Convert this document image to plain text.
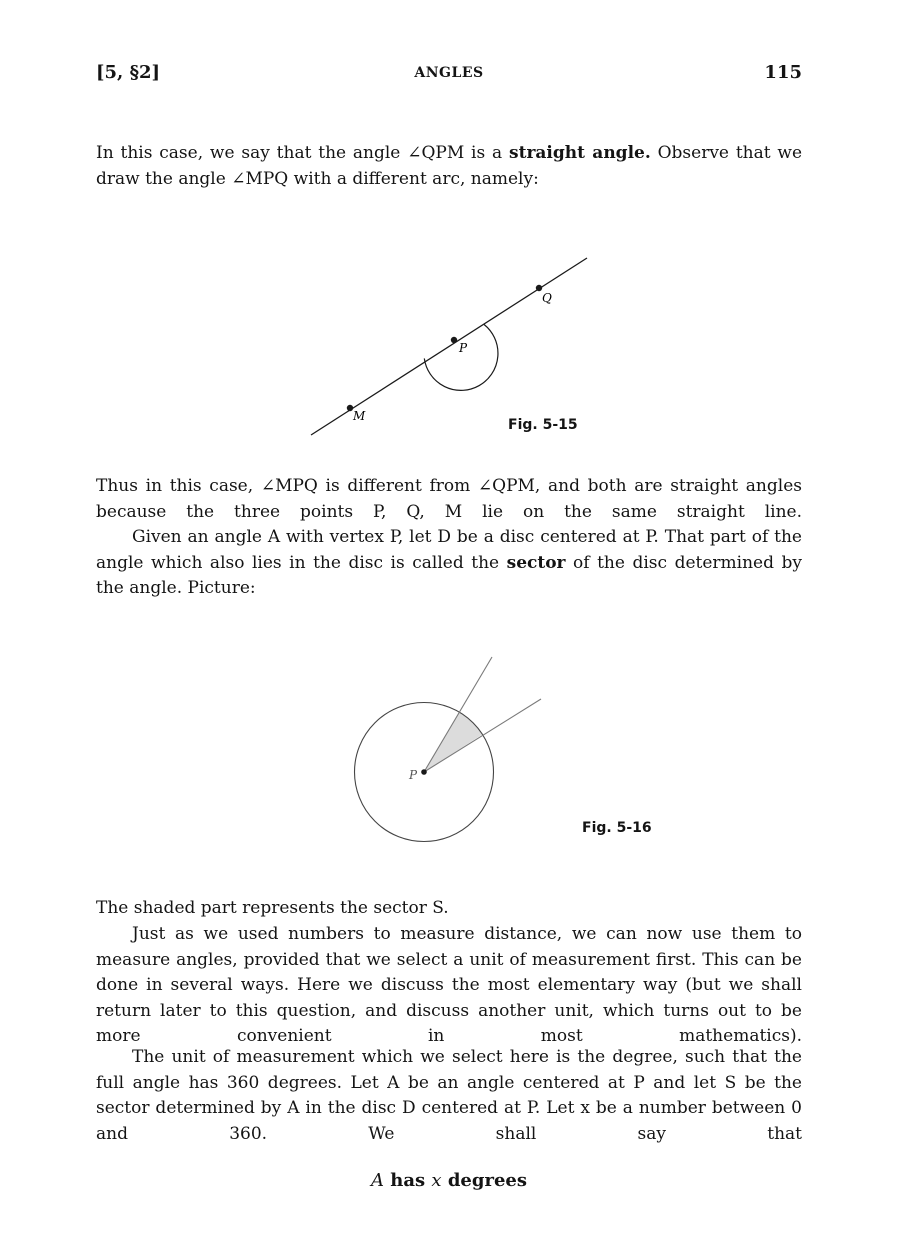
[5, §2]	ANGLES	115

In this case, we say that the angle ∠QPM is a straight angle. Observe that we draw the angle ∠MPQ with a different arc, namely:

P
Q
M
Fig. 5-15

Thus in this case, ∠MPQ is different from ∠QPM, and both are straight angles because the three points P, Q, M lie on the same straight line.

Given an angle A with vertex P, let D be a disc centered at P. That part of the angle which also lies in the disc is called the sector of the disc determined by the angle. Picture:

P
Fig. 5-16

The shaded part represents the sector S.

Just as we used numbers to measure distance, we can now use them to measure angles, provided that we select a unit of measurement first. This can be done in several ways. Here we discuss the most elementary way (but we shall return later to this question, and discuss another unit, which turns out to be more convenient in most mathematics).

The unit of measurement which we select here is the degree, such that the full angle has 360 degrees. Let A be an angle centered at P and let S be the sector determined by A in the disc D centered at P. Let x be a number between 0 and 360. We shall say that

A has x degrees
